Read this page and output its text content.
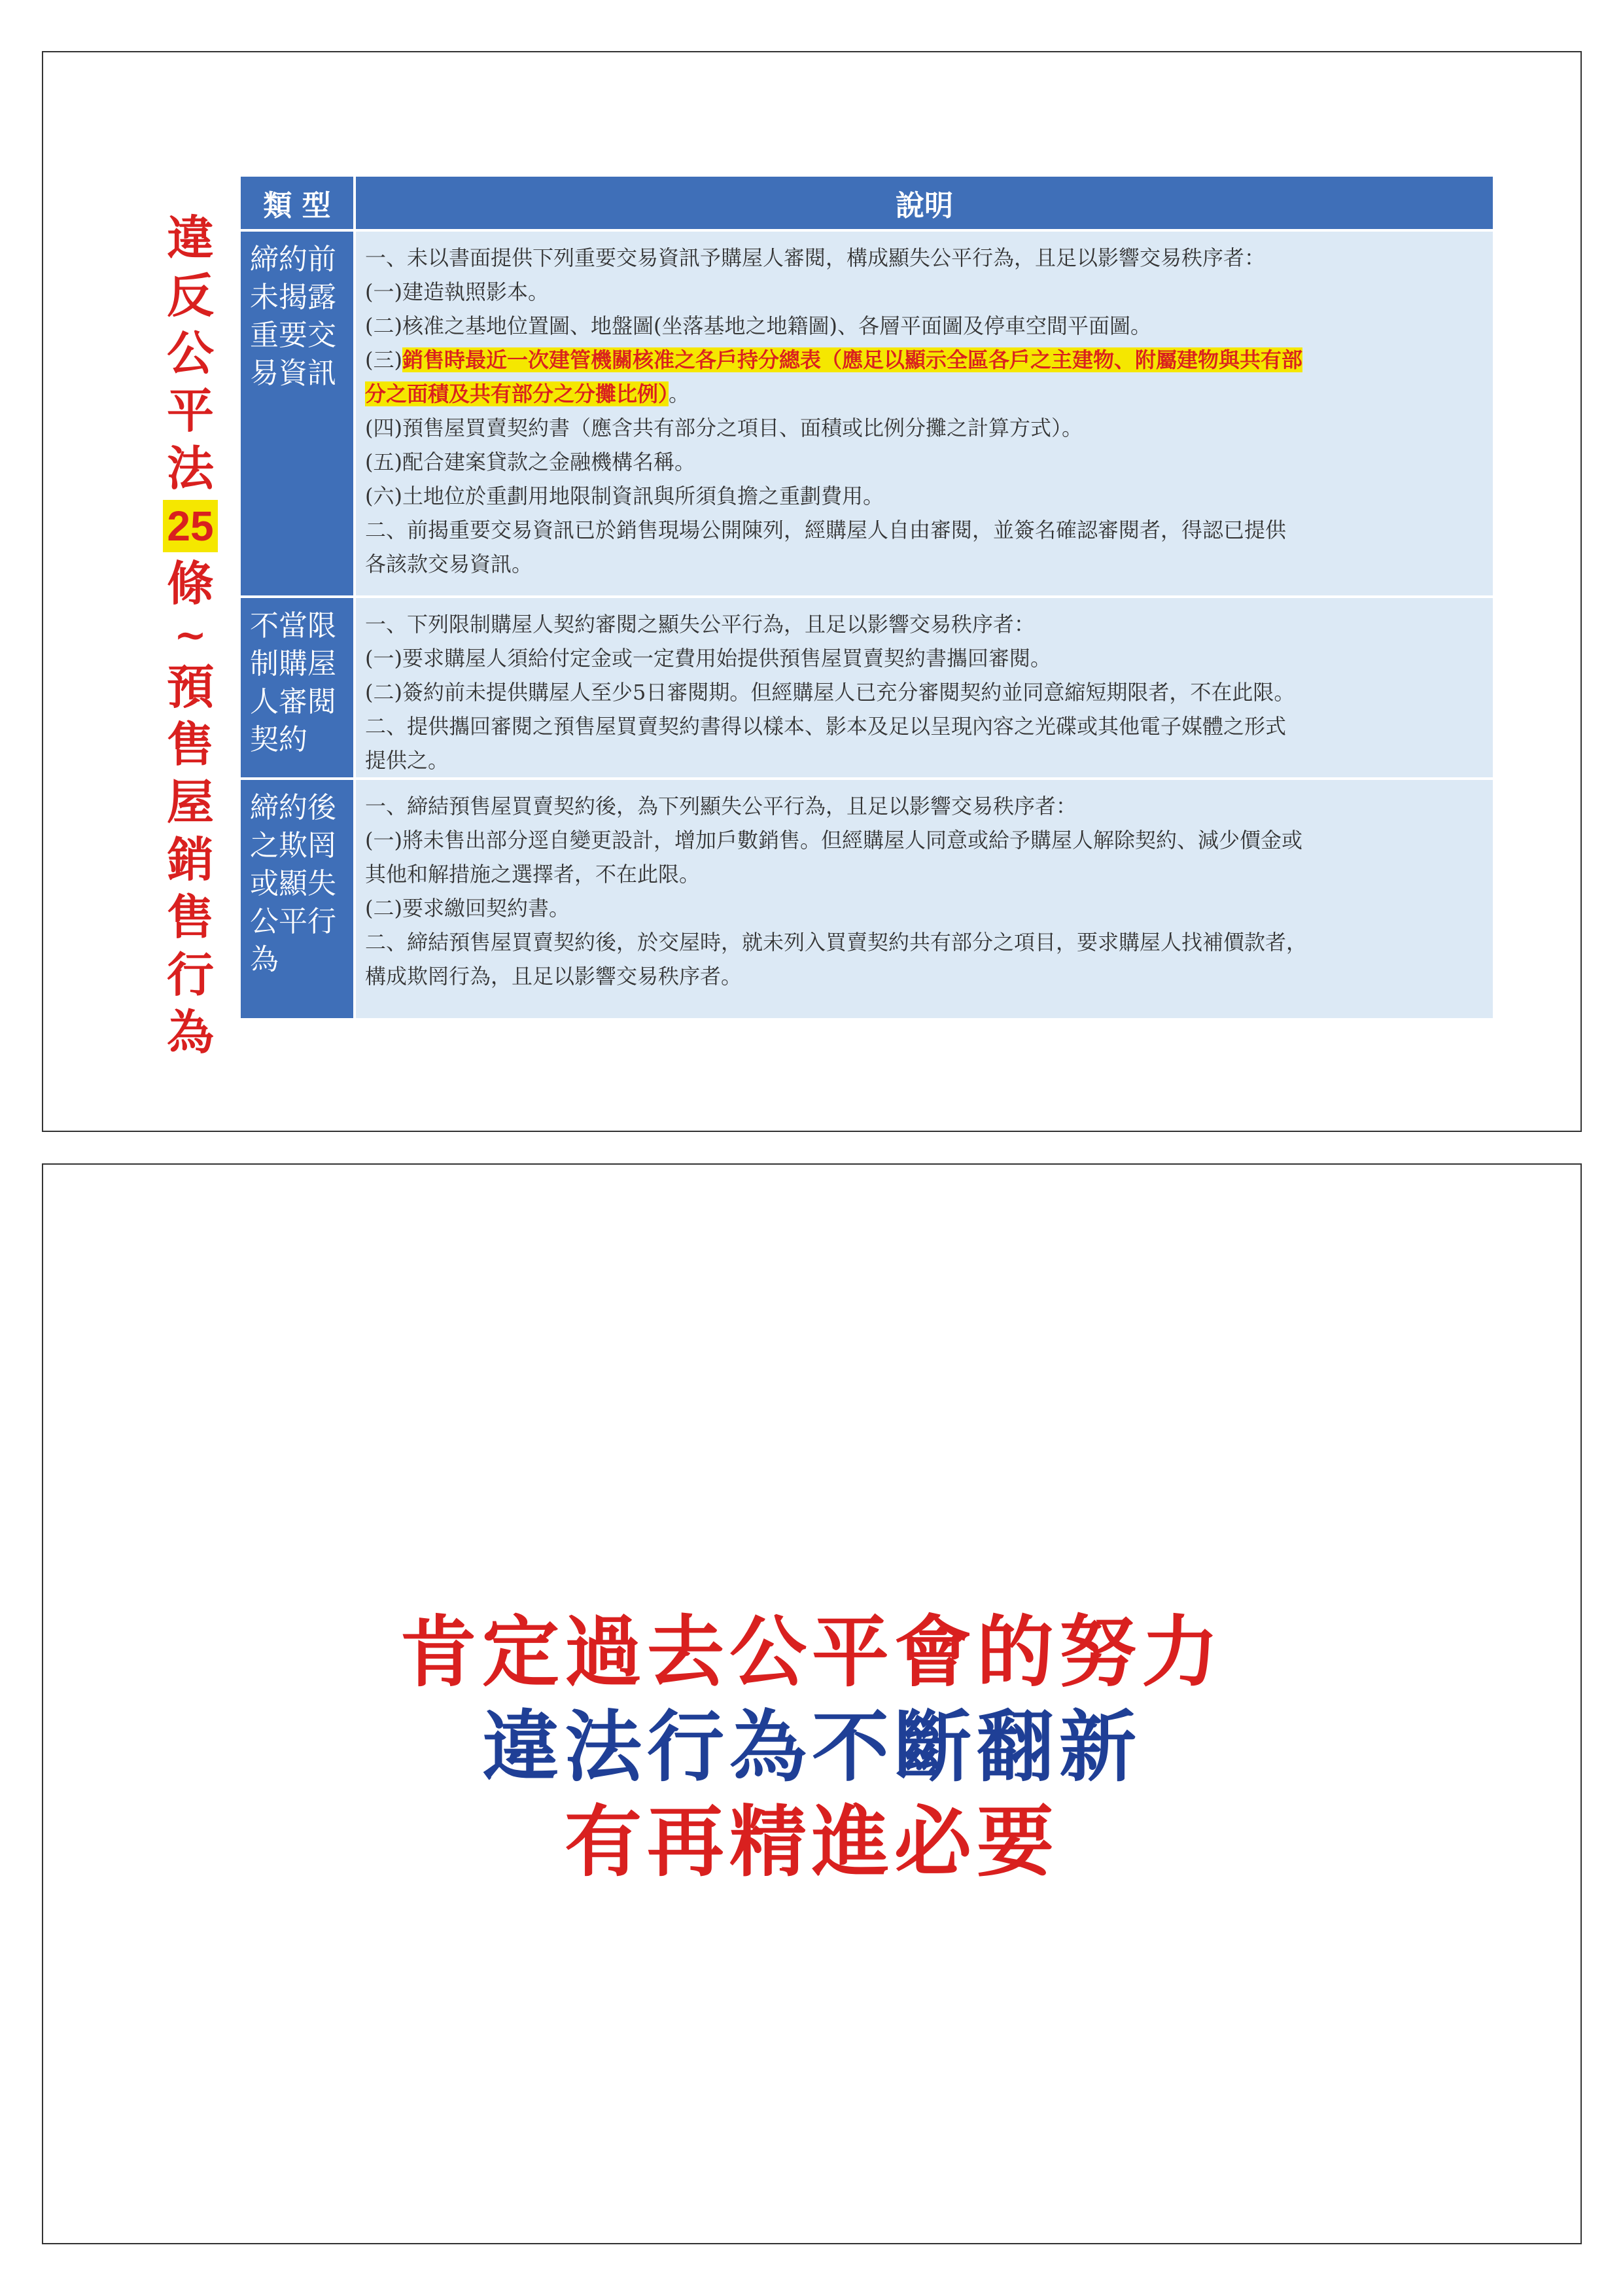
違
反
公
平
法
25
條
~
預
售
屋
銷
售
行
為
類 型	說明
締約前
未揭露
重要交
易資訊
一、未以書面提供下列重要交易資訊予購屋人審閱，構成顯失公平行為，且足以影響交易秩序者：
(一)建造執照影本。
(二)核准之基地位置圖、地盤圖(坐落基地之地籍圖)、各層平面圖及停車空間平面圖。
(三)銷售時最近一次建管機關核准之各戶持分總表（應足以顯示全區各戶之主建物、附屬建物與共有部
分之面積及共有部分之分攤比例）。
(四)預售屋買賣契約書（應含共有部分之項目、面積或比例分攤之計算方式）。
(五)配合建案貸款之金融機構名稱。
(六)土地位於重劃用地限制資訊與所須負擔之重劃費用。
二、前揭重要交易資訊已於銷售現場公開陳列，經購屋人自由審閱，並簽名確認審閱者，得認已提供
各該款交易資訊。
不當限
制購屋
人審閱
契約
一、下列限制購屋人契約審閱之顯失公平行為，且足以影響交易秩序者：
(一)要求購屋人須給付定金或一定費用始提供預售屋買賣契約書攜回審閱。
(二)簽約前未提供購屋人至少5日審閱期。但經購屋人已充分審閱契約並同意縮短期限者，不在此限。
二、提供攜回審閱之預售屋買賣契約書得以樣本、影本及足以呈現內容之光碟或其他電子媒體之形式
提供之。
締約後
之欺罔
或顯失
公平行
為
一、締結預售屋買賣契約後，為下列顯失公平行為，且足以影響交易秩序者：
(一)將未售出部分逕自變更設計，增加戶數銷售。但經購屋人同意或給予購屋人解除契約、減少價金或
其他和解措施之選擇者，不在此限。
(二)要求繳回契約書。
二、締結預售屋買賣契約後，於交屋時，就未列入買賣契約共有部分之項目，要求購屋人找補價款者，
構成欺罔行為，且足以影響交易秩序者。
肯定過去公平會的努力
違法行為不斷翻新
有再精進必要
